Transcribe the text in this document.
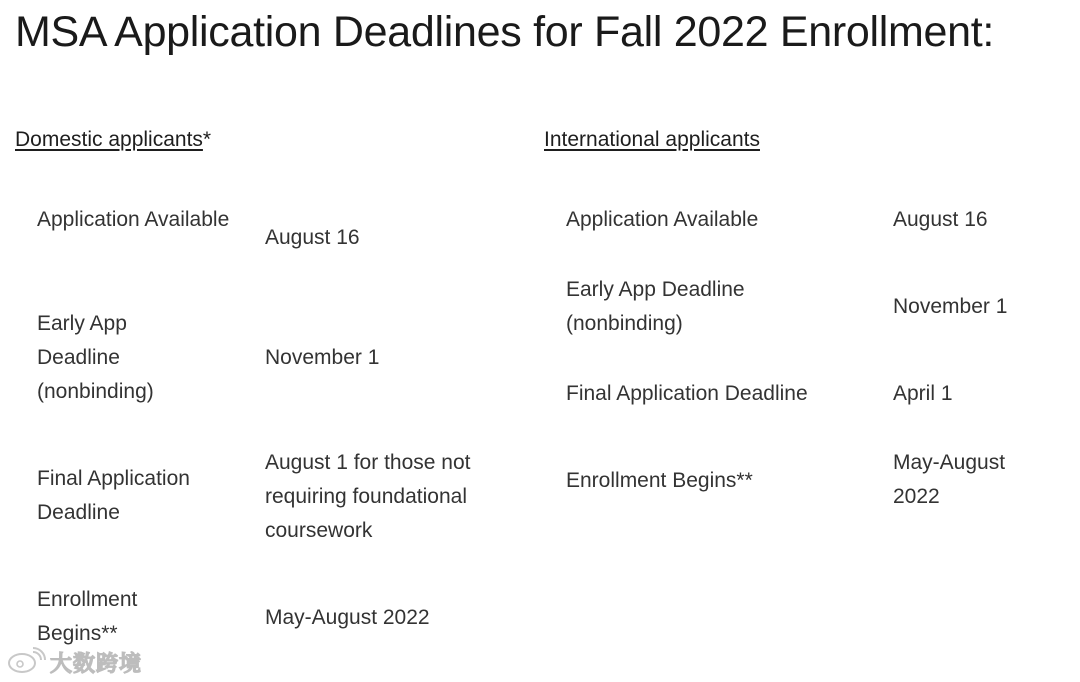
MSA Application Deadlines for Fall 2022 Enrollment:
Domestic applicants*
Application Available
August 16
Early App Deadline (nonbinding)
November 1
Final Application Deadline
August 1 for those not requiring foundational coursework
Enrollment Begins**
May-August 2022
International applicants
Application Available	August 16
Early App Deadline (nonbinding)
November 1
Final Application Deadline	April 1
Enrollment Begins**
May-August 2022
大数跨境
